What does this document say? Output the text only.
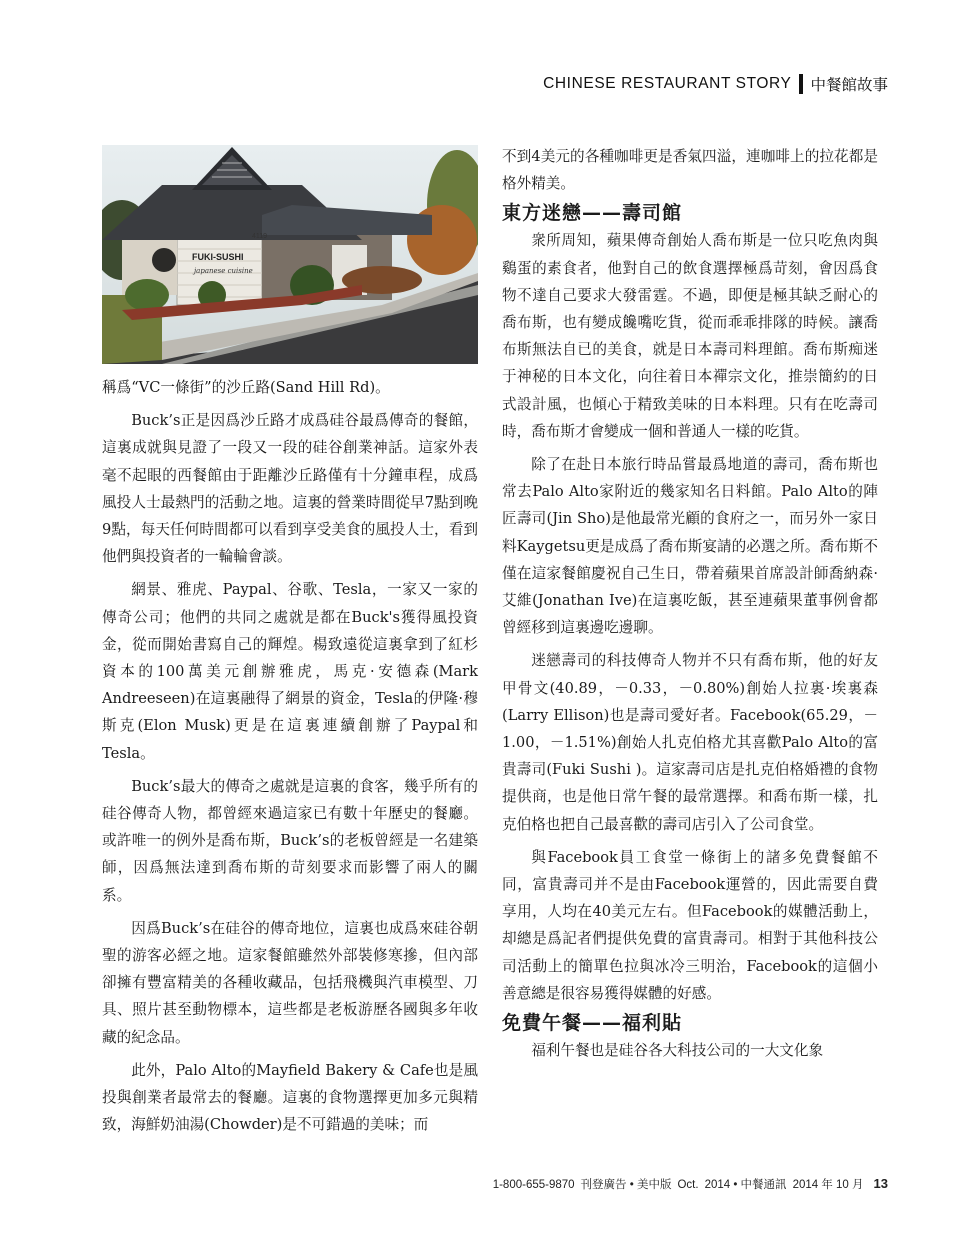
CHINESE RESTAURANT STORY 中餐館故事
4119
FUKI-SUSHI
japanese cuisine

稱爲“VC一條街”的沙丘路(Sand Hill Rd)。

Buck’s正是因爲沙丘路才成爲硅谷最爲傳奇的餐館，這裏成就與見證了一段又一段的硅谷創業神話。這家外表毫不起眼的西餐館由于距離沙丘路僅有十分鐘車程，成爲風投人士最熱門的活動之地。這裏的營業時間從早7點到晚9點，每天任何時間都可以看到享受美食的風投人士，看到他們與投資者的一輪輪會談。

網景、雅虎、Paypal、谷歌、Tesla，一家又一家的傳奇公司；他們的共同之處就是都在Buck's獲得風投資金，從而開始書寫自己的輝煌。楊致遠從這裏拿到了紅杉資本的100萬美元創辦雅虎，馬克·安德森(Mark Andreeseen)在這裏融得了網景的資金，Tesla的伊隆·穆斯克(Elon Musk)更是在這裏連續創辦了Paypal和Tesla。

Buck’s最大的傳奇之處就是這裏的食客，幾乎所有的硅谷傳奇人物，都曾經來過這家已有數十年歷史的餐廳。或許唯一的例外是喬布斯，Buck’s的老板曾經是一名建築師，因爲無法達到喬布斯的苛刻要求而影響了兩人的關系。

因爲Buck’s在硅谷的傳奇地位，這裏也成爲來硅谷朝聖的游客必經之地。這家餐館雖然外部裝修寒摻，但內部卻擁有豐富精美的各種收藏品，包括飛機與汽車模型、刀具、照片甚至動物標本，這些都是老板游歷各國與多年收藏的紀念品。

此外，Palo Alto的Mayfield Bakery & Cafe也是風投與創業者最常去的餐廳。這裏的食物選擇更加多元與精致，海鮮奶油湯(Chowder)是不可錯過的美味；而

不到4美元的各種咖啡更是香氣四溢，連咖啡上的拉花都是格外精美。

東方迷戀——壽司館

衆所周知，蘋果傳奇創始人喬布斯是一位只吃魚肉與鷄蛋的素食者，他對自己的飲食選擇極爲苛刻，會因爲食物不達自己要求大發雷霆。不過，即便是極其缺乏耐心的喬布斯，也有變成饞嘴吃貨，從而乖乖排隊的時候。讓喬布斯無法自已的美食，就是日本壽司料理館。喬布斯痴迷于神秘的日本文化，向往着日本禪宗文化，推崇簡約的日式設計風，也傾心于精致美味的日本料理。只有在吃壽司時，喬布斯才會變成一個和普通人一樣的吃貨。

除了在赴日本旅行時品嘗最爲地道的壽司，喬布斯也常去Palo Alto家附近的幾家知名日料館。Palo Alto的陣匠壽司(Jin Sho)是他最常光顧的食府之一，而另外一家日料Kaygetsu更是成爲了喬布斯宴請的必選之所。喬布斯不僅在這家餐館慶祝自己生日，帶着蘋果首席設計師喬納森·艾維(Jonathan Ive)在這裏吃飯，甚至連蘋果董事例會都曾經移到這裏邊吃邊聊。

迷戀壽司的科技傳奇人物并不只有喬布斯，他的好友甲骨文(40.89，－0.33，－0.80%)創始人拉裏·埃裏森(Larry Ellison)也是壽司愛好者。Facebook(65.29，－1.00，－1.51%)創始人扎克伯格尤其喜歡Palo Alto的富貴壽司(Fuki Sushi )。這家壽司店是扎克伯格婚禮的食物提供商，也是他日常午餐的最常選擇。和喬布斯一樣，扎克伯格也把自己最喜歡的壽司店引入了公司食堂。

與Facebook員工食堂一條街上的諸多免費餐館不同，富貴壽司并不是由Facebook運營的，因此需要自費享用，人均在40美元左右。但Facebook的媒體活動上，却總是爲記者們提供免費的富貴壽司。相對于其他科技公司活動上的簡單色拉與冰冷三明治，Facebook的這個小善意總是很容易獲得媒體的好感。

免費午餐——福利貼

福利午餐也是硅谷各大科技公司的一大文化象

1-800-655-9870 刊登廣告 • 美中版 Oct. 2014 • 中餐通訊 2014 年 10 月 13
